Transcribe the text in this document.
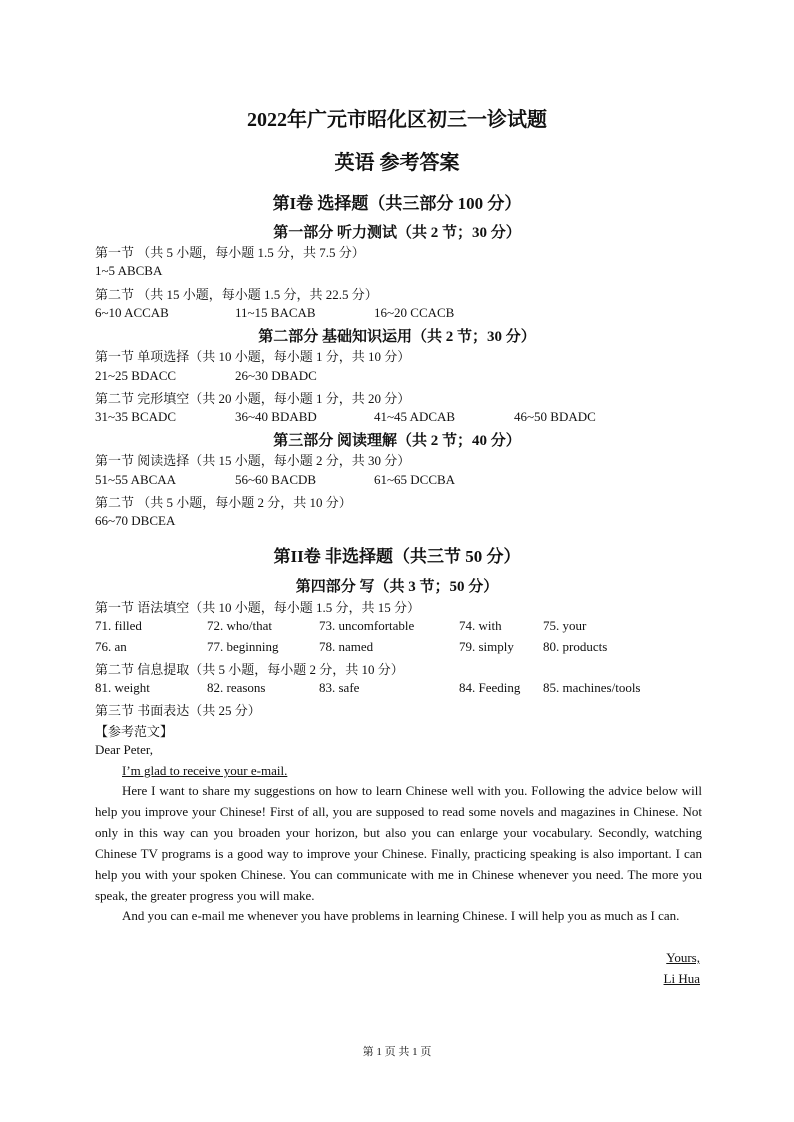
2022年广元市昭化区初三一诊试题
英语 参考答案
第I卷 选择题（共三部分 100 分）
第一部分 听力测试（共 2 节；30 分）
第一节 （共 5 小题，每小题 1.5 分，共 7.5 分）
1~5 ABCBA
第二节 （共 15 小题，每小题 1.5 分，共 22.5 分）
6~10 ACCAB	11~15 BACAB	16~20 CCACB
第二部分 基础知识运用（共 2 节；30 分）
第一节 单项选择（共 10 小题，每小题 1 分，共 10 分）
21~25 BDACC	26~30 DBADC
第二节 完形填空（共 20 小题，每小题 1 分，共 20 分）
31~35 BCADC	36~40 BDABD	41~45 ADCAB	46~50 BDADC
第三部分 阅读理解（共 2 节；40 分）
第一节 阅读选择（共 15 小题，每小题 2 分，共 30 分）
51~55 ABCAA	56~60 BACDB	61~65 DCCBA
第二节 （共 5 小题，每小题 2 分，共 10 分）
66~70 DBCEA
第II卷 非选择题（共三节 50 分）
第四部分 写（共 3 节；50 分）
第一节 语法填空（共 10 小题，每小题 1.5 分，共 15 分）
71. filled	72. who/that	73. uncomfortable	74. with	75. your
76. an	77. beginning	78. named	79. simply 80. products
第二节 信息提取（共 5 小题，每小题 2 分，共 10 分）
81. weight	82. reasons	83. safe	84. Feeding 85. machines/tools
第三节 书面表达（共 25 分）
【参考范文】
Dear Peter,
I’m glad to receive your e-mail.

Here I want to share my suggestions on how to learn Chinese well with you. Following the advice below will help you improve your Chinese! First of all, you are supposed to read some novels and magazines in Chinese. Not only in this way can you broaden your horizon, but also you can enlarge your vocabulary. Secondly, watching Chinese TV programs is a good way to improve your Chinese. Finally, practicing speaking is also important. I can help you with your spoken Chinese. You can communicate with me in Chinese whenever you need. The more you speak, the greater progress you will make.

And you can e-mail me whenever you have problems in learning Chinese. I will help you as much as I can.

Yours,
Li Hua
第 1 页 共 1 页
